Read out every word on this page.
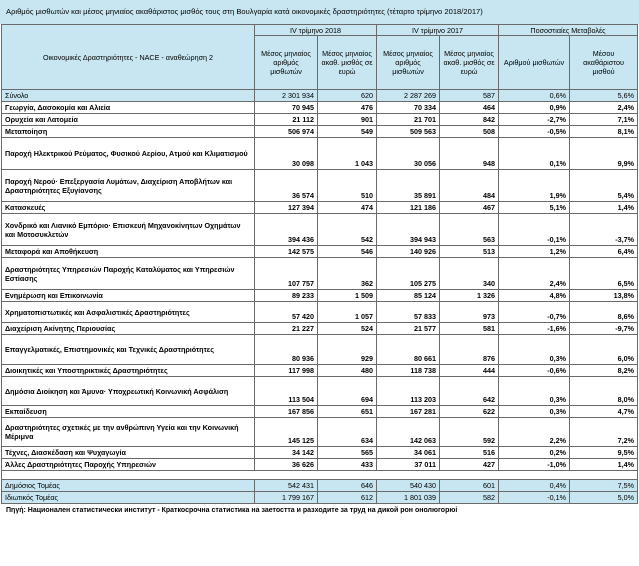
Αριθμός μισθωτών και μέσος μηνιαίος ακαθάριστος μισθός τους στη Βουλγαρία κατά οικονομικές δραστηριότητες (τέταρτο τρίμηνο 2018/2017)
Οικονομικές Δραστηριότητες - NACE - αναθεώρηση 2	IV τρίμηνο 2018		IV τρίμηνο 2017		Ποσοστιαίες Μεταβολές	
	Μέσος μηνιαίος αριθμός μισθωτών	Μέσος μηνιαίος ακαθ. μισθός σε ευρώ	Μέσος μηνιαίος αριθμός μισθωτών	Μέσος μηνιαίος ακαθ. μισθός σε ευρώ	Αριθμού μισθωτών	Μέσου ακαθάριστου μισθού
Σύνολο	2 301 934	620	2 287 269	587	0,6%	5,6%
Γεωργία, Δασοκομία και Αλιεία	70 945	476	70 334	464	0,9%	2,4%
Ορυχεία και Λατομεία	21 112	901	21 701	842	-2,7%	7,1%
Μεταποίηση	506 974	549	509 563	508	-0,5%	8,1%
Παροχή Ηλεκτρικού Ρεύματος, Φυσικού Αερίου, Ατμού και Κλιματισμού	30 098	1 043	30 056	948	0,1%	9,9%
Παροχή Νερού· Επεξεργασία Λυμάτων, Διαχείριση Αποβλήτων και Δραστηριότητες Εξυγίανσης	36 574	510	35 891	484	1,9%	5,4%
Κατασκευές	127 394	474	121 186	467	5,1%	1,4%
Χονδρικό και Λιανικό Εμπόριο· Επισκευή Μηχανοκίνητων Οχημάτων και Μοτοσυκλετών	394 436	542	394 943	563	-0,1%	-3,7%
Μεταφορά και Αποθήκευση	142 575	546	140 926	513	1,2%	6,4%
Δραστηριότητες Υπηρεσιών Παροχής Καταλύματος και Υπηρεσιών Εστίασης	107 757	362	105 275	340	2,4%	6,5%
Ενημέρωση και Επικοινωνία	89 233	1 509	85 124	1 326	4,8%	13,8%
Χρηματοπιστωτικές και Ασφαλιστικές Δραστηριότητες	57 420	1 057	57 833	973	-0,7%	8,6%
Διαχείριση Ακίνητης Περιουσίας	21 227	524	21 577	581	-1,6%	-9,7%
Επαγγελματικές, Επιστημονικές και Τεχνικές Δραστηριότητες	80 936	929	80 661	876	0,3%	6,0%
Διοικητικές και Υποστηρικτικές Δραστηριότητες	117 998	480	118 738	444	-0,6%	8,2%
Δημόσια Διοίκηση και Άμυνα· Υποχρεωτική Κοινωνική Ασφάλιση	113 504	694	113 203	642	0,3%	8,0%
Εκπαίδευση	167 856	651	167 281	622	0,3%	4,7%
Δραστηριότητες σχετικές με την ανθρώπινη Υγεία και την Κοινωνική Μέριμνα	145 125	634	142 063	592	2,2%	7,2%
Τέχνες, Διασκέδαση και Ψυχαγωγία	34 142	565	34 061	516	0,2%	9,5%
Άλλες Δραστηριότητες Παροχής Υπηρεσιών	36 626	433	37 011	427	-1,0%	1,4%

Δημόσιος Τομέας	542 431	646	540 430	601	0,4%	7,5%
Ιδιωτικός Τομέας	1 799 167	612	1 801 039	582	-0,1%	5,0%
Πηγή: Национален статистически институт - Краткосрочна статистика на заетостта и разходите за труд на дикой рон онолюгорюі
